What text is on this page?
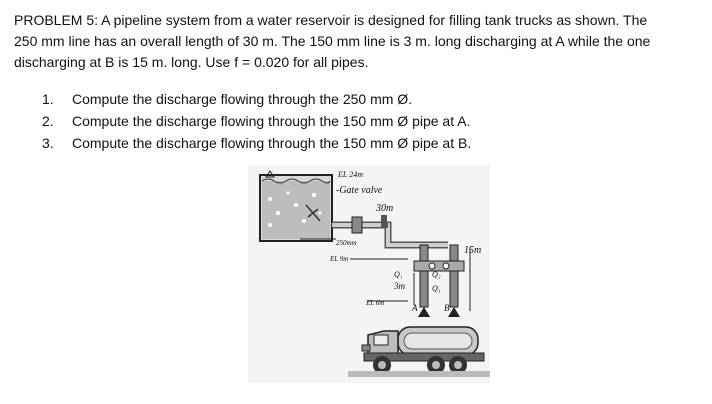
PROBLEM 5: A pipeline system from a water reservoir is designed for filling tank trucks as shown. The
250 mm line has an overall length of 30 m. The 150 mm line is 3 m. long discharging at A while the one
discharging at B is 15 m. long. Use f = 0.020 for all pipes.
1.	Compute the discharge flowing through the 250 mm Ø.
2.	Compute the discharge flowing through the 150 mm Ø pipe at A.
3.	Compute the discharge flowing through the 150 mm Ø pipe at B.
EL 24m
-Gate valve
30m
250mm
EL 9m
Q₁	Q₂
3m	Q₃
15m
EL 6m	A	B
